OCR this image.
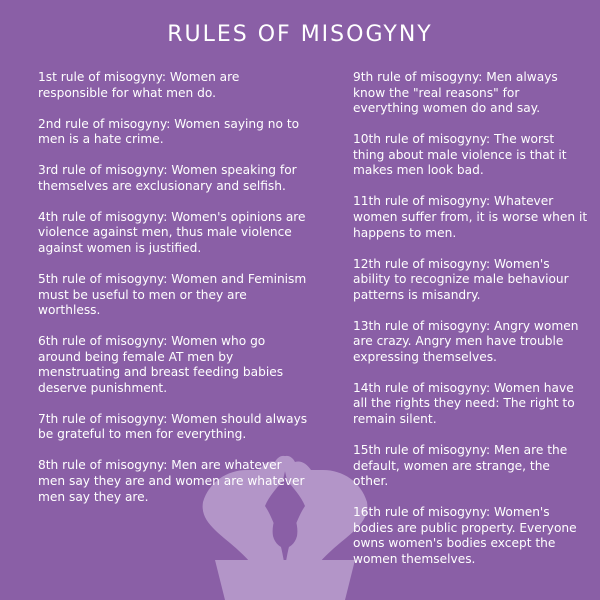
RULES OF MISOGYNY

1st rule of misogyny: Women are responsible for what men do.

2nd rule of misogyny: Women saying no to men is a hate crime.

3rd rule of misogyny: Women speaking for themselves are exclusionary and selfish.

4th rule of misogyny: Women's opinions are violence against men, thus male violence against women is justified.

5th rule of misogyny: Women and Feminism must be useful to men or they are worthless.

6th rule of misogyny: Women who go around being female AT men by menstruating and breast feeding babies deserve punishment.

7th rule of misogyny: Women should always be grateful to men for everything.

8th rule of misogyny: Men are whatever men say they are and women are whatever men say they are.

9th rule of misogyny: Men always know the "real reasons" for everything women do and say.

10th rule of misogyny: The worst thing about male violence is that it makes men look bad.

11th rule of misogyny: Whatever women suffer from, it is worse when it happens to men.

12th rule of misogyny: Women's ability to recognize male behaviour patterns is misandry.

13th rule of misogyny: Angry women are crazy. Angry men have trouble expressing themselves.

14th rule of misogyny: Women have all the rights they need: The right to remain silent.

15th rule of misogyny: Men are the default, women are strange, the other.

16th rule of misogyny: Women's bodies are public property. Everyone owns women's bodies except the women themselves.
